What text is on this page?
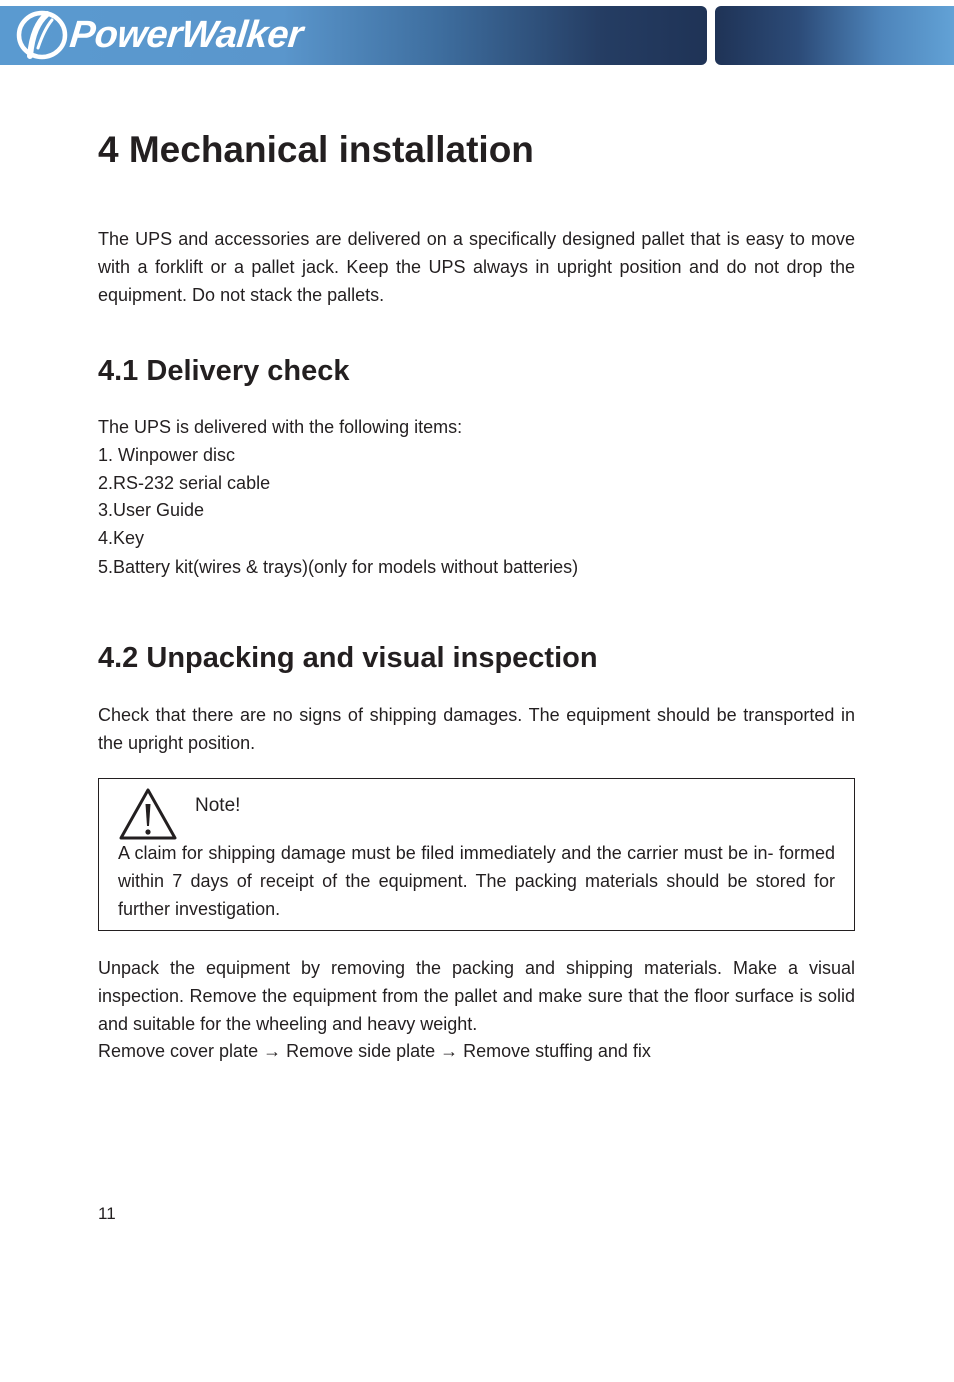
PowerWalker
4 Mechanical installation

The UPS and accessories are delivered on a specifically designed pallet that is easy to move with a forklift or a pallet jack. Keep the UPS always in upright position and do not drop the equipment. Do not stack the pallets.

4.1 Delivery check
The UPS is delivered with the following items:
1. Winpower disc
2.RS-232 serial cable
3.User Guide
4.Key
5.Battery kit(wires & trays)(only for models without batteries)
4.2 Unpacking and visual inspection

Check that there are no signs of shipping damages. The equipment should be transported in the upright position.

Note!
A claim for shipping damage must be filed immediately and the carrier must be in- formed within 7 days of receipt of the equipment. The packing materials should be stored for further investigation.

Unpack the equipment by removing the packing and shipping materials. Make a visual inspection. Remove the equipment from the pallet and make sure that the floor surface is solid and suitable for the wheeling and heavy weight.

Remove cover plate → Remove side plate → Remove stuffing and fix
11
